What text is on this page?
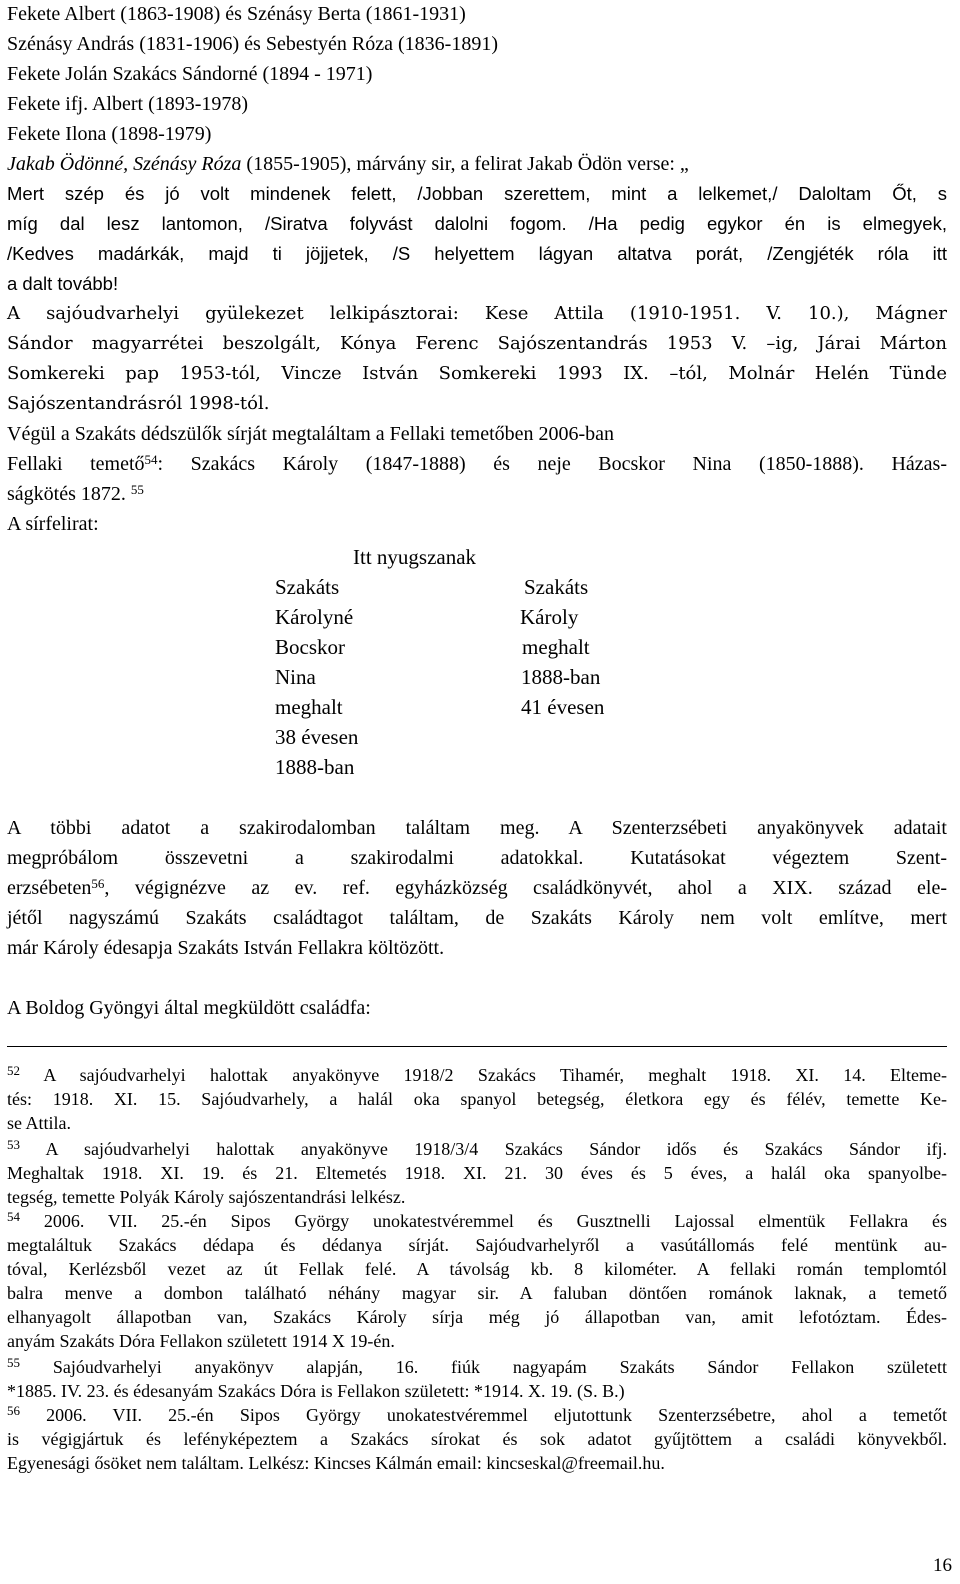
Fekete Albert (1863-1908) és Szénásy Berta (1861-1931)
Szénásy András (1831-1906) és Sebestyén Róza (1836-1891)
Fekete Jolán Szakács Sándorné (1894 - 1971)
Fekete ifj. Albert (1893-1978)
Fekete Ilona (1898-1979)
Jakab Ödönné, Szénásy Róza (1855-1905), márvány sir, a felirat Jakab Ödön verse: „
Mert szép és jó volt mindenek felett, /Jobban szerettem, mint a lelkemet,/ Daloltam Őt, s
míg dal lesz lantomon, /Siratva folyvást dalolni fogom. /Ha pedig egykor én is elmegyek,
/Kedves madárkák, majd ti jöjjetek, /S helyettem lágyan altatva porát, /Zengjéték róla itt
a dalt tovább!
A sajóudvarhelyi gyülekezet lelkipásztorai: Kese Attila (1910-1951. V. 10.), Mágner
Sándor magyarrétei beszolgált, Kónya Ferenc Sajószentandrás 1953 V. –ig, Járai Márton
Somkereki pap 1953-tól, Vincze István Somkereki 1993 IX. –tól, Molnár Helén Tünde
Sajószentandrásról 1998-tól.
Végül a Szakáts dédszülők sírját megtaláltam a Fellaki temetőben 2006-ban
Fellaki temető$^{54}$: Szakács Károly (1847-1888) és neje Bocskor Nina (1850-1888). Házas-
ságkötés 1872. $^{55}$
A sírfelirat:
Itt nyugszanak
Szakáts
Károlyné
Bocskor
Nina
meghalt
38 évesen
1888-ban
Szakáts
Károly
meghalt
1888-ban
41 évesen
A többi adatot a szakirodalomban találtam meg. A Szenterzsébeti anyakönyvek adatait
megpróbálom összevetni a szakirodalmi adatokkal. Kutatásokat végeztem Szent-
erzsébeten$^{56}$, végignézve az ev. ref. egyházközség családkönyvét, ahol a XIX. század ele-
jétől nagyszámú Szakáts családtagot találtam, de Szakáts Károly nem volt említve, mert
már Károly édesapja Szakáts István Fellakra költözött.
A Boldog Gyöngyi által megküldött családfa:
$^{52}$ A sajóudvarhelyi halottak anyakönyve 1918/2 Szakács Tihamér, meghalt 1918. XI. 14. Elteme-
tés: 1918. XI. 15. Sajóudvarhely, a halál oka spanyol betegség, életkora egy és félév, temette Ke-
se Attila.
$^{53}$ A sajóudvarhelyi halottak anyakönyve 1918/3/4 Szakács Sándor idős és Szakács Sándor ifj.
Meghaltak 1918. XI. 19. és 21. Eltemetés 1918. XI. 21. 30 éves és 5 éves, a halál oka spanyolbe-
tegség, temette Polyák Károly sajószentandrási lelkész.
$^{54}$ 2006. VII. 25.-én Sipos György unokatestvéremmel és Gusztnelli Lajossal elmentük Fellakra és
megtaláltuk Szakács dédapa és dédanya sírját. Sajóudvarhelyről a vasútállomás felé mentünk au-
tóval, Kerlézsből vezet az út Fellak felé. A távolság kb. 8 kilométer. A fellaki román templomtól
balra menve a dombon található néhány magyar sir. A faluban döntően románok laknak, a temető
elhanyagolt állapotban van, Szakács Károly sírja még jó állapotban van, amit lefotóztam. Édes-
anyám Szakáts Dóra Fellakon született 1914 X 19-én.
$^{55}$ Sajóudvarhelyi anyakönyv alapján, 16. fiúk nagyapám Szakáts Sándor Fellakon született
*1885. IV. 23. és édesanyám Szakács Dóra is Fellakon született: *1914. X. 19. (S. B.)
$^{56}$ 2006. VII. 25.-én Sipos György unokatestvéremmel eljutottunk Szenterzsébetre, ahol a temetőt
is végigjártuk és lefényképeztem a Szakács sírokat és sok adatot gyűjtöttem a családi könyvekből.
Egyenesági ősöket nem találtam. Lelkész: Kincses Kálmán email: kincseskal@freemail.hu.
16
